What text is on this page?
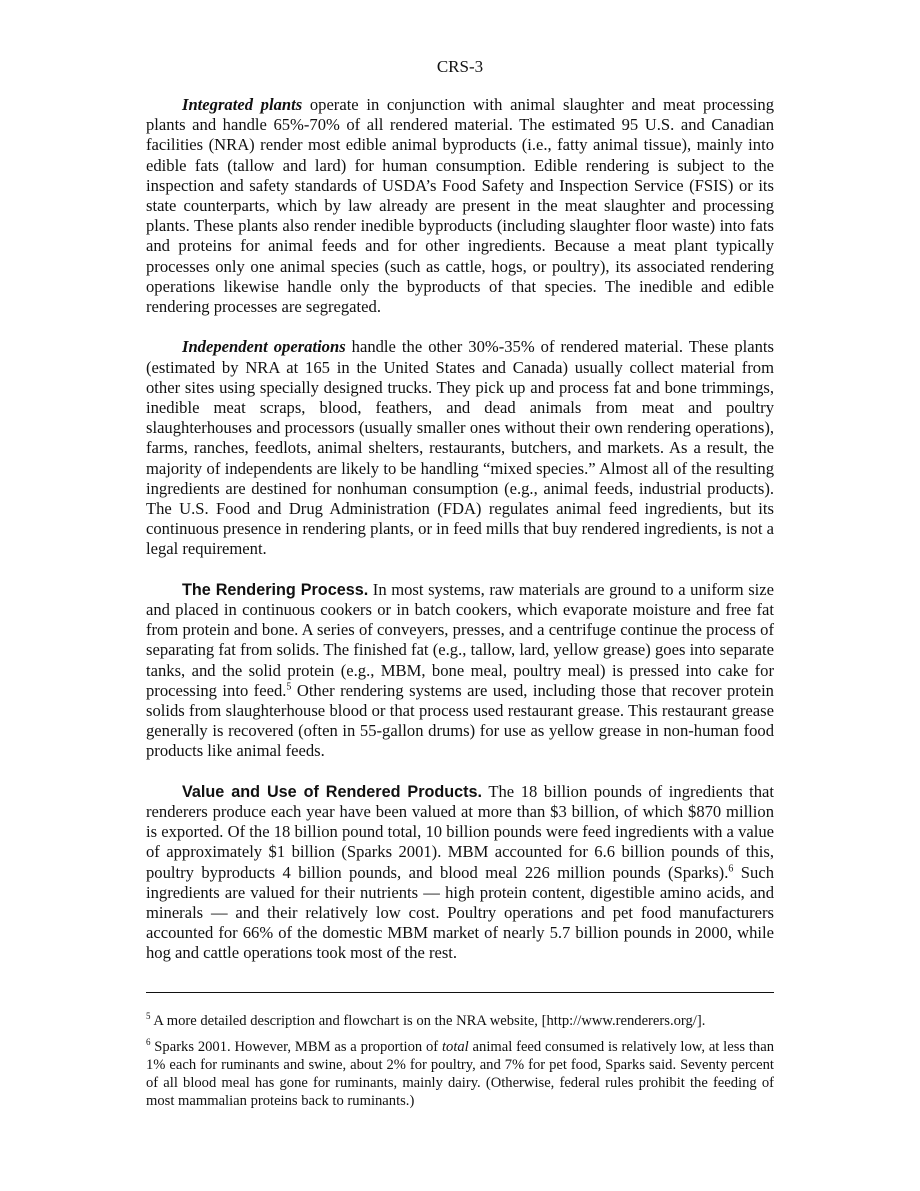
CRS-3

Integrated plants operate in conjunction with animal slaughter and meat processing plants and handle 65%-70% of all rendered material. The estimated 95 U.S. and Canadian facilities (NRA) render most edible animal byproducts (i.e., fatty animal tissue), mainly into edible fats (tallow and lard) for human consumption. Edible rendering is subject to the inspection and safety standards of USDA’s Food Safety and Inspection Service (FSIS) or its state counterparts, which by law already are present in the meat slaughter and processing plants. These plants also render inedible byproducts (including slaughter floor waste) into fats and proteins for animal feeds and for other ingredients. Because a meat plant typically processes only one animal species (such as cattle, hogs, or poultry), its associated rendering operations likewise handle only the byproducts of that species. The inedible and edible rendering processes are segregated.

Independent operations handle the other 30%-35% of rendered material. These plants (estimated by NRA at 165 in the United States and Canada) usually collect material from other sites using specially designed trucks. They pick up and process fat and bone trimmings, inedible meat scraps, blood, feathers, and dead animals from meat and poultry slaughterhouses and processors (usually smaller ones without their own rendering operations), farms, ranches, feedlots, animal shelters, restaurants, butchers, and markets. As a result, the majority of independents are likely to be handling “mixed species.” Almost all of the resulting ingredients are destined for nonhuman consumption (e.g., animal feeds, industrial products). The U.S. Food and Drug Administration (FDA) regulates animal feed ingredients, but its continuous presence in rendering plants, or in feed mills that buy rendered ingredients, is not a legal requirement.

The Rendering Process. In most systems, raw materials are ground to a uniform size and placed in continuous cookers or in batch cookers, which evaporate moisture and free fat from protein and bone. A series of conveyers, presses, and a centrifuge continue the process of separating fat from solids. The finished fat (e.g., tallow, lard, yellow grease) goes into separate tanks, and the solid protein (e.g., MBM, bone meal, poultry meal) is pressed into cake for processing into feed.$^5$ Other rendering systems are used, including those that recover protein solids from slaughterhouse blood or that process used restaurant grease. This restaurant grease generally is recovered (often in 55-gallon drums) for use as yellow grease in non-human food products like animal feeds.

Value and Use of Rendered Products. The 18 billion pounds of ingredients that renderers produce each year have been valued at more than $3 billion, of which $870 million is exported. Of the 18 billion pound total, 10 billion pounds were feed ingredients with a value of approximately $1 billion (Sparks 2001). MBM accounted for 6.6 billion pounds of this, poultry byproducts 4 billion pounds, and blood meal 226 million pounds (Sparks).$^6$ Such ingredients are valued for their nutrients — high protein content, digestible amino acids, and minerals — and their relatively low cost. Poultry operations and pet food manufacturers accounted for 66% of the domestic MBM market of nearly 5.7 billion pounds in 2000, while hog and cattle operations took most of the rest.

$^5$ A more detailed description and flowchart is on the NRA website, [http://www.renderers.org/].

$^6$ Sparks 2001. However, MBM as a proportion of total animal feed consumed is relatively low, at less than 1% each for ruminants and swine, about 2% for poultry, and 7% for pet food, Sparks said. Seventy percent of all blood meal has gone for ruminants, mainly dairy. (Otherwise, federal rules prohibit the feeding of most mammalian proteins back to ruminants.)
